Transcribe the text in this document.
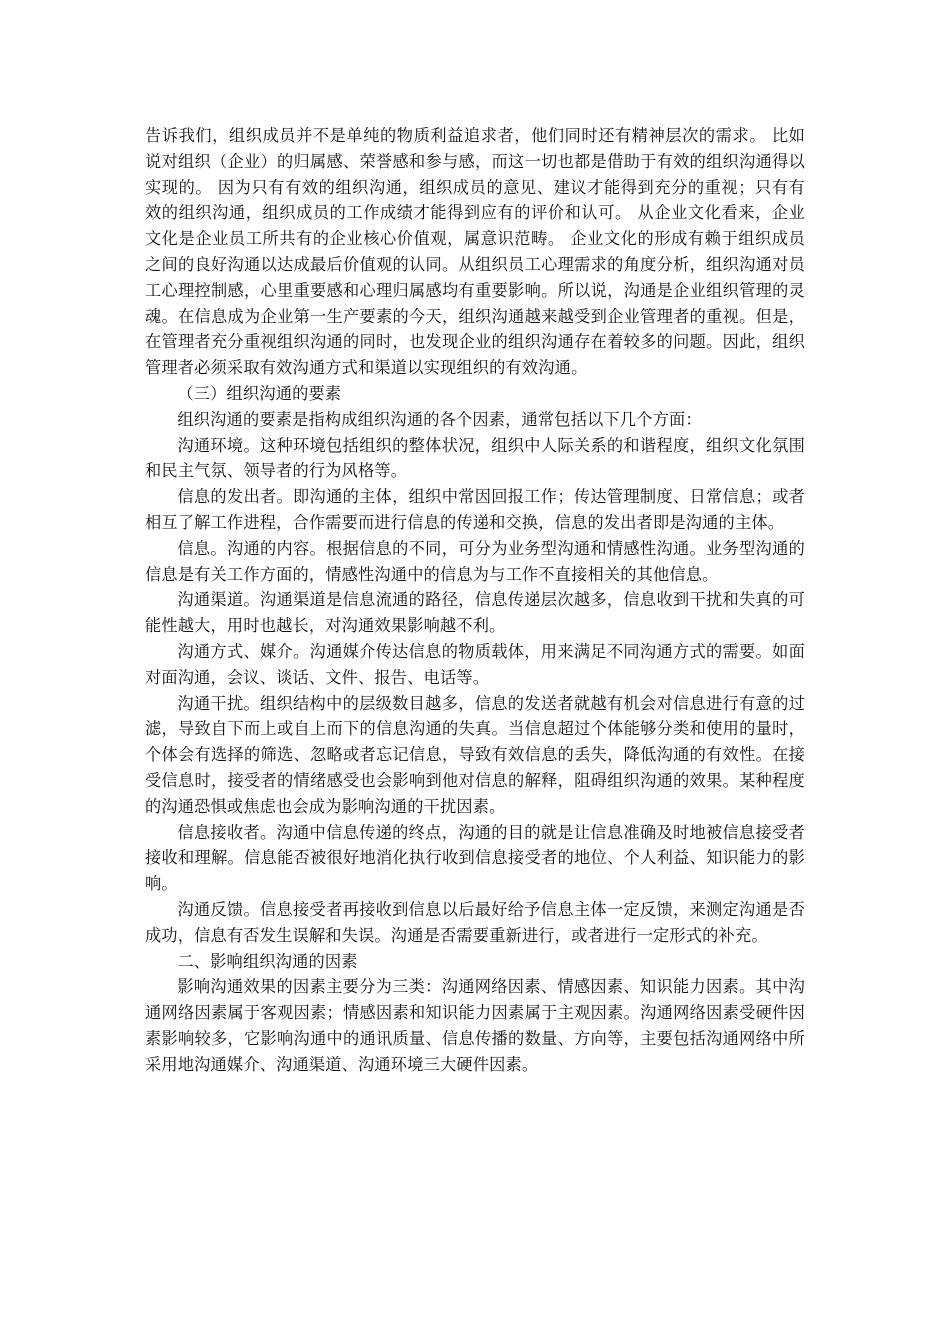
告诉我们，组织成员并不是单纯的物质利益追求者，他们同时还有精神层次的需求。 比如说对组织（企业）的归属感、荣誉感和参与感，而这一切也都是借助于有效的组织沟通得以实现的。 因为只有有效的组织沟通，组织成员的意见、建议才能得到充分的重视；只有有效的组织沟通，组织成员的工作成绩才能得到应有的评价和认可。 从企业文化看来，企业文化是企业员工所共有的企业核心价值观，属意识范畴。 企业文化的形成有赖于组织成员之间的良好沟通以达成最后价值观的认同。从组织员工心理需求的角度分析，组织沟通对员工心理控制感，心里重要感和心理归属感均有重要影响。所以说，沟通是企业组织管理的灵魂。在信息成为企业第一生产要素的今天，组织沟通越来越受到企业管理者的重视。但是，在管理者充分重视组织沟通的同时，也发现企业的组织沟通存在着较多的问题。因此，组织管理者必须采取有效沟通方式和渠道以实现组织的有效沟通。

（三）组织沟通的要素

组织沟通的要素是指构成组织沟通的各个因素，通常包括以下几个方面：

沟通环境。这种环境包括组织的整体状况，组织中人际关系的和谐程度，组织文化氛围和民主气氛、领导者的行为风格等。

信息的发出者。即沟通的主体，组织中常因回报工作；传达管理制度、日常信息；或者相互了解工作进程，合作需要而进行信息的传递和交换，信息的发出者即是沟通的主体。

信息。沟通的内容。根据信息的不同，可分为业务型沟通和情感性沟通。业务型沟通的信息是有关工作方面的，情感性沟通中的信息为与工作不直接相关的其他信息。

沟通渠道。沟通渠道是信息流通的路径，信息传递层次越多，信息收到干扰和失真的可能性越大，用时也越长，对沟通效果影响越不利。

沟通方式、媒介。沟通媒介传达信息的物质载体，用来满足不同沟通方式的需要。如面对面沟通，会议、谈话、文件、报告、电话等。

沟通干扰。组织结构中的层级数目越多，信息的发送者就越有机会对信息进行有意的过滤，导致自下而上或自上而下的信息沟通的失真。当信息超过个体能够分类和使用的量时，个体会有选择的筛选、忽略或者忘记信息，导致有效信息的丢失，降低沟通的有效性。在接受信息时，接受者的情绪感受也会影响到他对信息的解释，阻碍组织沟通的效果。某种程度的沟通恐惧或焦虑也会成为影响沟通的干扰因素。

信息接收者。沟通中信息传递的终点，沟通的目的就是让信息准确及时地被信息接受者接收和理解。信息能否被很好地消化执行收到信息接受者的地位、个人利益、知识能力的影响。

沟通反馈。信息接受者再接收到信息以后最好给予信息主体一定反馈，来测定沟通是否成功，信息有否发生误解和失误。沟通是否需要重新进行，或者进行一定形式的补充。

二、影响组织沟通的因素

影响沟通效果的因素主要分为三类：沟通网络因素、情感因素、知识能力因素。其中沟通网络因素属于客观因素；情感因素和知识能力因素属于主观因素。沟通网络因素受硬件因素影响较多，它影响沟通中的通讯质量、信息传播的数量、方向等，主要包括沟通网络中所采用地沟通媒介、沟通渠道、沟通环境三大硬件因素。
